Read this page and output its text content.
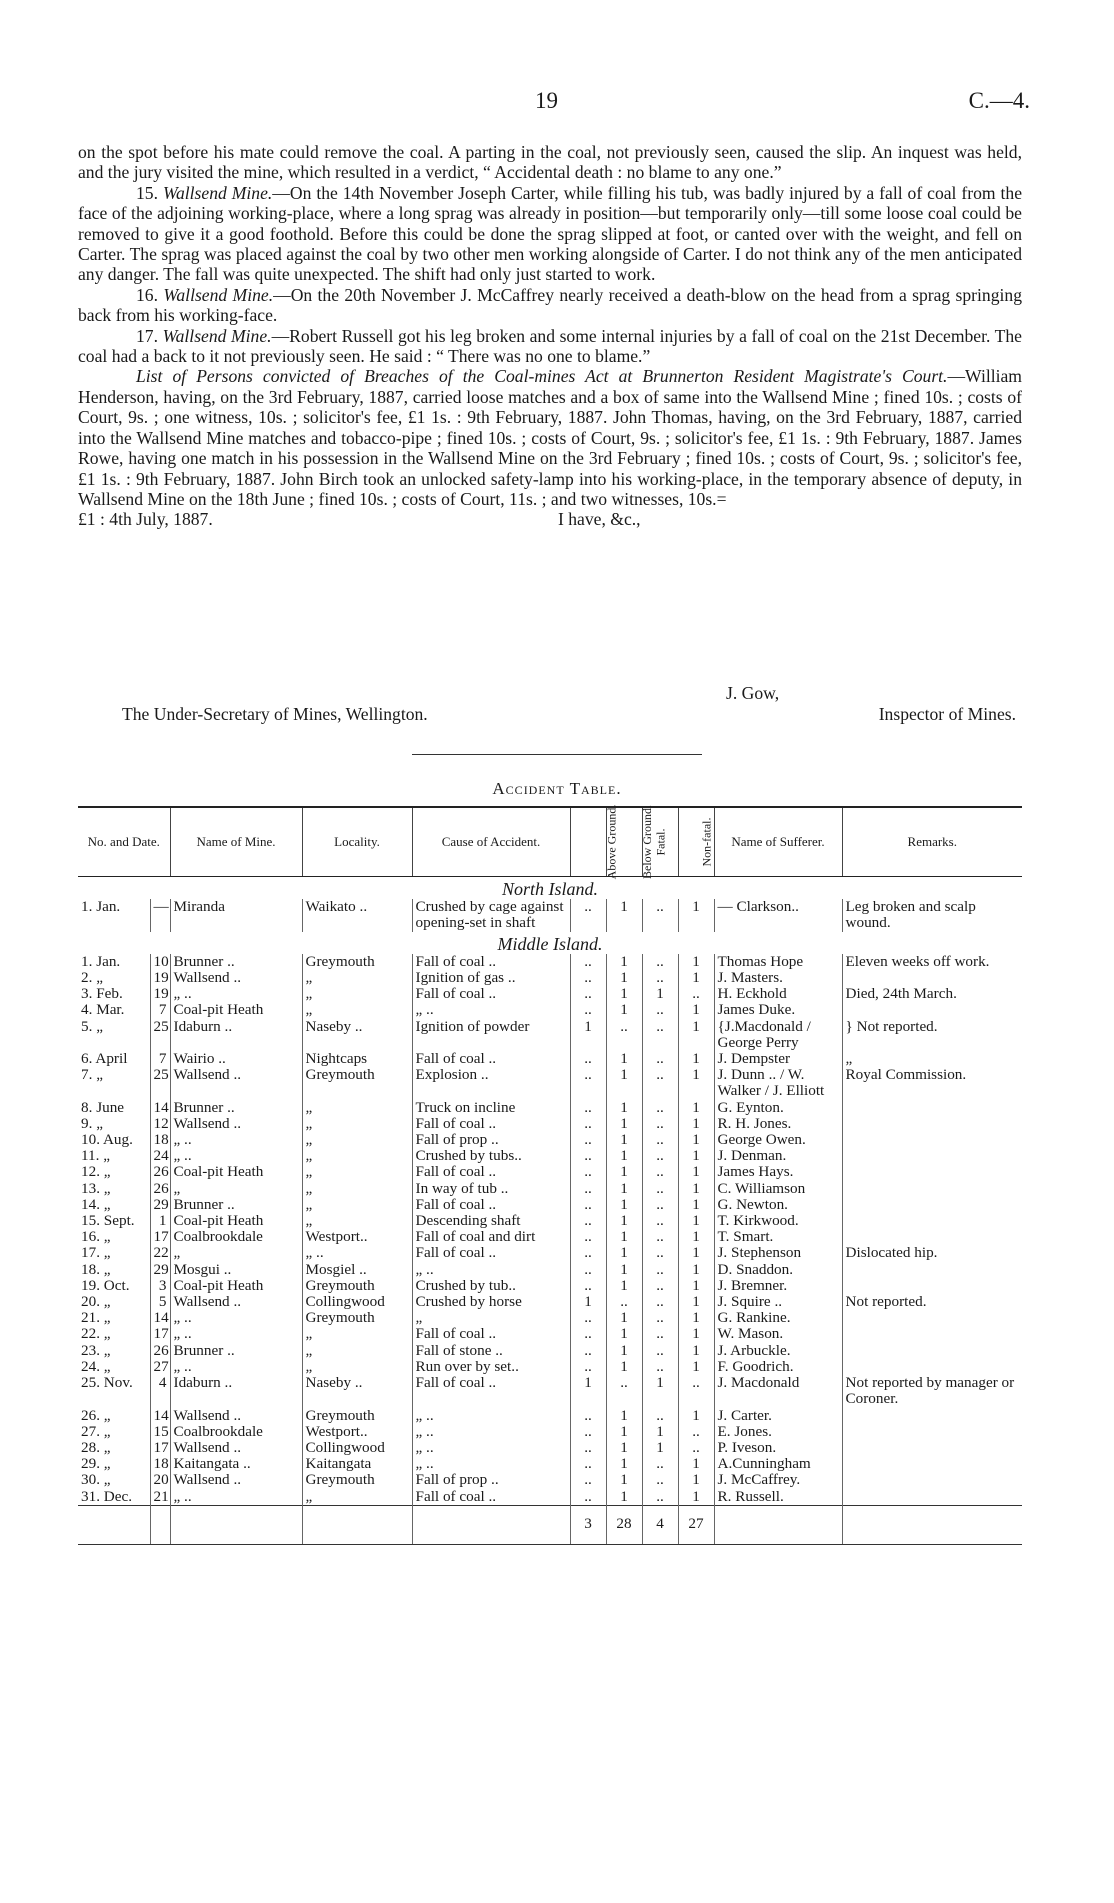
19	C.—4.

on the spot before his mate could remove the coal. A parting in the coal, not previously seen, caused the slip. An inquest was held, and the jury visited the mine, which resulted in a verdict, “ Accidental death : no blame to any one.”

15. Wallsend Mine.—On the 14th November Joseph Carter, while filling his tub, was badly injured by a fall of coal from the face of the adjoining working-place, where a long sprag was already in position—but temporarily only—till some loose coal could be removed to give it a good foothold. Before this could be done the sprag slipped at foot, or canted over with the weight, and fell on Carter. The sprag was placed against the coal by two other men working alongside of Carter. I do not think any of the men anticipated any danger. The fall was quite unexpected. The shift had only just started to work.

16. Wallsend Mine.—On the 20th November J. McCaffrey nearly received a death-blow on the head from a sprag springing back from his working-face.

17. Wallsend Mine.—Robert Russell got his leg broken and some internal injuries by a fall of coal on the 21st December. The coal had a back to it not previously seen. He said : “ There was no one to blame.”

List of Persons convicted of Breaches of the Coal-mines Act at Brunnerton Resident Magistrate's Court.—William Henderson, having, on the 3rd February, 1887, carried loose matches and a box of same into the Wallsend Mine ; fined 10s. ; costs of Court, 9s. ; one witness, 10s. ; solicitor's fee, £1 1s. : 9th February, 1887. John Thomas, having, on the 3rd February, 1887, carried into the Wallsend Mine matches and tobacco-pipe ; fined 10s. ; costs of Court, 9s. ; solicitor's fee, £1 1s. : 9th February, 1887. James Rowe, having one match in his possession in the Wallsend Mine on the 3rd February ; fined 10s. ; costs of Court, 9s. ; solicitor's fee, £1 1s. : 9th February, 1887. John Birch took an unlocked safety-lamp into his working-place, in the temporary absence of deputy, in Wallsend Mine on the 18th June ; fined 10s. ; costs of Court, 11s. ; and two witnesses, 10s.=

£1 : 4th July, 1887.	I have, &c.,

J. Gow,
The Under-Secretary of Mines, Wellington.	Inspector of Mines.
Accident Table.
No. and Date.		Name of Mine.	Locality.	Cause of Accident.	Above Ground.	Below Ground.	Fatal.	Non-fatal.	Name of Sufferer.	Remarks.
North Island.										
1. Jan.	—	Miranda	Waikato ..	Crushed by cage against opening-set in shaft	..	1	..	1	— Clarkson..	Leg broken and scalp wound.
Middle Island.										
1. Jan.	10	Brunner ..	Greymouth	Fall of coal ..	..	1	..	1	Thomas Hope	Eleven weeks off work.
2. „	19	Wallsend ..	„	Ignition of gas ..	..	1	..	1	J. Masters.	
3. Feb.	19	„ ..	„	Fall of coal ..	..	1	1	..	H. Eckhold	Died, 24th March.
4. Mar.	7	Coal-pit Heath	„	„ ..	..	1	..	1	James Duke.	
5. „	25	Idaburn ..	Naseby ..	Ignition of powder	1	..	..	1	{J.Macdonald / George Perry	} Not reported.
6. April	7	Wairio ..	Nightcaps	Fall of coal ..	..	1	..	1	J. Dempster	„
7. „	25	Wallsend ..	Greymouth	Explosion ..	..	1	..	1	J. Dunn .. / W. Walker / J. Elliott	Royal Commission.
8. June	14	Brunner ..	„	Truck on incline	..	1	..	1	G. Eynton.	
9. „	12	Wallsend ..	„	Fall of coal ..	..	1	..	1	R. H. Jones.	
10. Aug.	18	„ ..	„	Fall of prop ..	..	1	..	1	George Owen.	
11. „	24	„ ..	„	Crushed by tubs..	..	1	..	1	J. Denman.	
12. „	26	Coal-pit Heath	„	Fall of coal ..	..	1	..	1	James Hays.	
13. „	26	„	„	In way of tub ..	..	1	..	1	C. Williamson	
14. „	29	Brunner ..	„	Fall of coal ..	..	1	..	1	G. Newton.	
15. Sept.	1	Coal-pit Heath	„	Descending shaft	..	1	..	1	T. Kirkwood.	
16. „	17	Coalbrookdale	Westport..	Fall of coal and dirt	..	1	..	1	T. Smart.	
17. „	22	„	„ ..	Fall of coal ..	..	1	..	1	J. Stephenson	Dislocated hip.
18. „	29	Mosgui ..	Mosgiel ..	„ ..	..	1	..	1	D. Snaddon.	
19. Oct.	3	Coal-pit Heath	Greymouth	Crushed by tub..	..	1	..	1	J. Bremner.	
20. „	5	Wallsend ..	Collingwood	Crushed by horse	1	..	..	1	J. Squire ..	Not reported.
21. „	14	„ ..	Greymouth	„	..	1	..	1	G. Rankine.	
22. „	17	„ ..	„	Fall of coal ..	..	1	..	1	W. Mason.	
23. „	26	Brunner ..	„	Fall of stone ..	..	1	..	1	J. Arbuckle.	
24. „	27	„ ..	„	Run over by set..	..	1	..	1	F. Goodrich.	
25. Nov.	4	Idaburn ..	Naseby ..	Fall of coal ..	1	..	1	..	J. Macdonald	Not reported by manager or Coroner.
26. „	14	Wallsend ..	Greymouth	„ ..	..	1	..	1	J. Carter.	
27. „	15	Coalbrookdale	Westport..	„ ..	..	1	1	..	E. Jones.	
28. „	17	Wallsend ..	Collingwood	„ ..	..	1	1	..	P. Iveson.	
29. „	18	Kaitangata ..	Kaitangata	„ ..	..	1	..	1	A.Cunningham	
30. „	20	Wallsend ..	Greymouth	Fall of prop ..	..	1	..	1	J. McCaffrey.	
31. Dec.	21	„ ..	„	Fall of coal ..	..	1	..	1	R. Russell.	
					3	28	4	27		
